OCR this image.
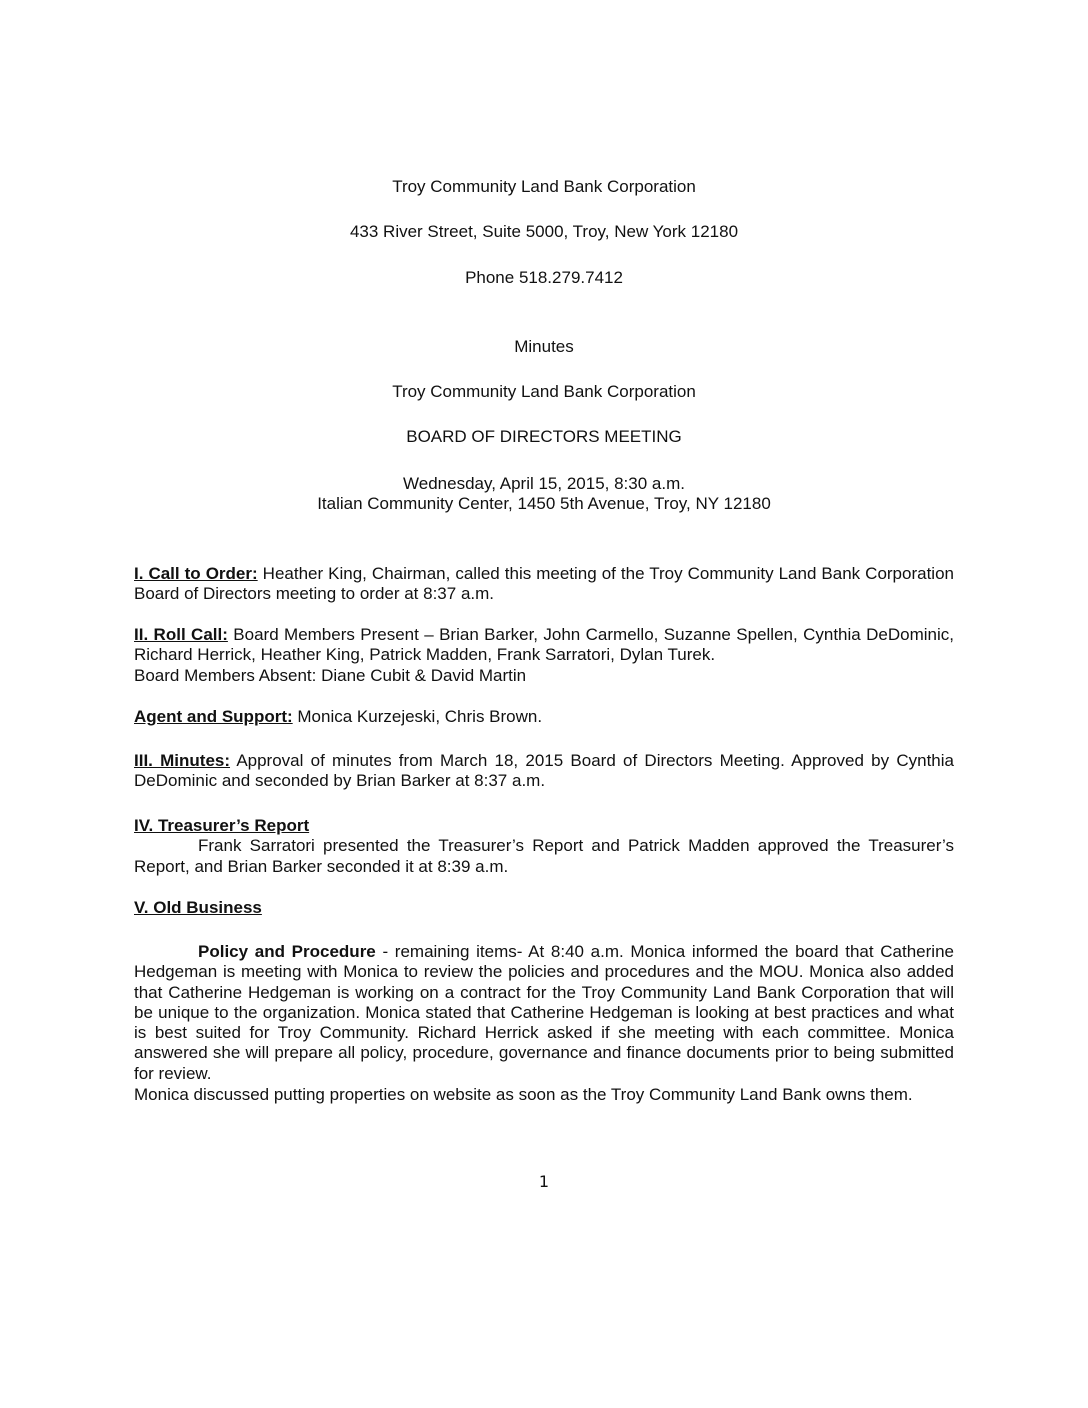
Troy Community Land Bank Corporation
433 River Street, Suite 5000, Troy, New York 12180
Phone 518.279.7412
Minutes
Troy Community Land Bank Corporation
BOARD OF DIRECTORS MEETING
Wednesday, April 15, 2015, 8:30 a.m.
Italian Community Center, 1450 5th Avenue, Troy, NY 12180
I. Call to Order: Heather King, Chairman, called this meeting of the Troy Community Land Bank Corporation Board of Directors meeting to order at 8:37 a.m.
II. Roll Call: Board Members Present – Brian Barker, John Carmello, Suzanne Spellen, Cynthia DeDominic, Richard Herrick, Heather King, Patrick Madden, Frank Sarratori, Dylan Turek.
Board Members Absent: Diane Cubit & David Martin
Agent and Support: Monica Kurzejeski, Chris Brown.
III. Minutes: Approval of minutes from March 18, 2015 Board of Directors Meeting. Approved by Cynthia DeDominic and seconded by Brian Barker at 8:37 a.m.
IV. Treasurer’s Report
Frank Sarratori presented the Treasurer’s Report and Patrick Madden approved the Treasurer’s Report, and Brian Barker seconded it at 8:39 a.m.
V. Old Business
Policy and Procedure - remaining items- At 8:40 a.m. Monica informed the board that Catherine Hedgeman is meeting with Monica to review the policies and procedures and the MOU. Monica also added that Catherine Hedgeman is working on a contract for the Troy Community Land Bank Corporation that will be unique to the organization. Monica stated that Catherine Hedgeman is looking at best practices and what is best suited for Troy Community. Richard Herrick asked if she meeting with each committee. Monica answered she will prepare all policy, procedure, governance and finance documents prior to being submitted for review.
Monica discussed putting properties on website as soon as the Troy Community Land Bank owns them.
1
